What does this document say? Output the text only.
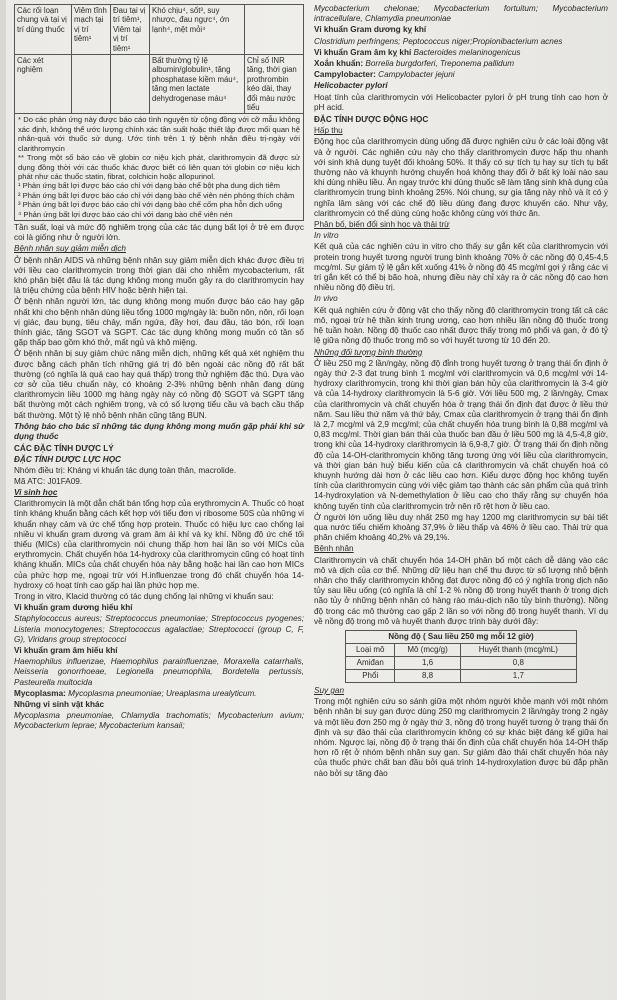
Các rối loạn chung và tại vị trí dùng thuốc	Viêm tĩnh mạch tại vị trí tiêm¹	Đau tại vị trí tiêm¹, Viêm tại vị trí tiêm¹	Khó chịu⁴, sốt³, suy nhược, đau ngực⁴, ớn lạnh⁴, mệt mỏi⁴	
Các xét nghiệm			Bất thường tỷ lệ albumin/globulin¹, tăng phosphatase kiềm máu⁴, tăng men lactate dehydrogenase máu⁴	Chỉ số INR tăng, thời gian prothrombin kéo dài, thay đổi màu nước tiểu

* Do các phản ứng này được báo cáo tình nguyện từ cộng đồng với cỡ mẫu không xác định, không thể ước lượng chính xác tần suất hoặc thiết lập được mối quan hệ nhân-quả với thuốc sử dụng. Ước tính trên 1 tỷ bệnh nhân điều trị-ngày với clarithromycin

** Trong một số báo cáo về globin cơ niệu kịch phát, clarithromycin đã được sử dụng đồng thời với các thuốc khác được biết có liên quan tới globin cơ niệu kịch phát như các thuốc statin, fibrat, colchicin hoặc allopurinol.

¹ Phản ứng bất lợi được báo cáo chỉ với dạng bào chế bột pha dung dịch tiêm

² Phản ứng bất lợi được báo cáo chỉ với dạng bào chế viên nén phóng thích chậm

³ Phản ứng bất lợi được báo cáo chỉ với dạng bào chế cốm pha hỗn dịch uống

⁴ Phản ứng bất lợi được báo cáo chỉ với dạng bào chế viên nén

Tần suất, loại và mức độ nghiêm trọng của các tác dụng bất lợi ở trẻ em được coi là giống như ở người lớn.

Bệnh nhân suy giảm miễn dịch

Ở bệnh nhân AIDS và những bệnh nhân suy giảm miễn dịch khác được điều trị với liều cao clarithromycin trong thời gian dài cho nhiễm mycobacterium, rất khó phân biệt đâu là tác dụng không mong muốn gây ra do clarithromycin hay là triệu chứng của bệnh HIV hoặc bệnh hiện tại.

Ở bệnh nhân người lớn, tác dụng không mong muốn được báo cáo hay gặp nhất khi cho bệnh nhân dùng liều tổng 1000 mg/ngày là: buồn nôn, nôn, rối loạn vị giác, đau bụng, tiêu chảy, mẩn ngứa, đầy hơi, đau đầu, táo bón, rối loạn thính giác, tăng SGOT và SGPT. Các tác dụng không mong muốn có tần số gặp thấp bao gồm khó thở, mất ngủ và khô miệng.

Ở bệnh nhân bị suy giảm chức năng miễn dịch, những kết quả xét nghiệm thu được bằng cách phân tích những giá trị đó bên ngoài các nồng độ rất bất thường (có nghĩa là quá cao hay quá thấp) trong thử nghiệm đặc thù. Dựa vào cơ sở của tiêu chuẩn này, có khoảng 2-3% những bệnh nhân đang dùng clarithromycin liều 1000 mg hàng ngày này có nồng độ SGOT và SGPT tăng bất thường một cách nghiêm trọng, và có số lượng tiểu cầu và bạch cầu thấp bất thường. Một tỷ lệ nhỏ bệnh nhân cũng tăng BUN.

Thông báo cho bác sĩ những tác dụng không mong muốn gặp phải khi sử dụng thuốc

CÁC ĐẶC TÍNH DƯỢC LÝ

ĐẶC TÍNH DƯỢC LỰC HỌC

Nhóm điều trị: Kháng vi khuẩn tác dụng toàn thân, macrolide.

Mã ATC: J01FA09.

Vi sinh học

Clarithromycin là một dẫn chất bán tổng hợp của erythromycin A. Thuốc có hoạt tính kháng khuẩn bằng cách kết hợp với tiểu đơn vị ribosome 50S của những vi khuẩn nhạy cảm và ức chế tổng hợp protein. Thuốc có hiệu lực cao chống lại nhiều vi khuẩn gram dương và gram âm ái khí và kỵ khí. Nồng độ ức chế tối thiểu (MICs) của clarithromycin nói chung thấp hơn hai lần so với MICs của erythromycin. Chất chuyển hóa 14-hydroxy của clarithromycin cũng có hoạt tính kháng khuẩn. MICs của chất chuyển hóa này bằng hoặc hai lần cao hơn MICs của phức hợp mẹ, ngoại trừ với H.influenzae trong đó chất chuyển hóa 14-hydroxy có hoạt tính cao gấp hai lần phức hợp mẹ.

Trong in vitro, Klacid thường có tác dụng chống lại những vi khuẩn sau:

Vi khuẩn gram dương hiếu khí

Staphylococcus aureus; Streptococcus pneumoniae; Streptococcus pyogenes; Listeria monocytogenes; Streptococcus agalactiae; Streptococci (group C, F, G), Viridans group streptococci

Vi khuẩn gram âm hiếu khí

Haemophilus influenzae, Haemophilus parainfluenzae, Moraxella catarrhalis, Neisseria gonorrhoeae, Legionella pneumophila, Bordetella pertussis, Pasteurella multocida

Mycoplasma: Mycoplasma pneumoniae; Ureaplasma urealyticum.

Những vi sinh vật khác

Mycoplasma pneumoniae, Chlamydia trachomatis; Mycobacterium avium; Mycobacterium leprae; Mycobacterium kansaii;

Mycobacterium chelonae; Mycobacterium fortuitum; Mycobacterium intracellulare, Chlamydia pneumoniae

Vi khuẩn Gram dương kỵ khí

Clostridium perfringens; Peptococcus niger;Propionibacterium acnes

Vi khuẩn Gram âm kỵ khí Bacteroides melaninogenicus

Xoắn khuẩn: Borrelia burgdorferi, Treponema pallidum

Campylobacter: Campylobacter jejuni

Helicobacter pylori

Hoạt tính của clarithromycin với Helicobacter pylori ở pH trung tính cao hơn ở pH acid.

ĐẶC TÍNH DƯỢC ĐỘNG HỌC

Hấp thu

Động học của clarithromycin dùng uống đã được nghiên cứu ở các loài động vật và ở người. Các nghiên cứu này cho thấy clarithromycin được hấp thu nhanh với sinh khả dụng tuyệt đối khoảng 50%. It thấy có sự tích tụ hay sự tích tụ bất thường nào và khuynh hướng chuyển hoá không thay đổi ở bất kỳ loài nào sau khi dùng nhiều liều. Ăn ngay trước khi dùng thuốc sẽ làm tăng sinh khả dụng của clarithromycin trung bình khoảng 25%. Nói chung, sự gia tăng này nhỏ và ít có ý nghĩa lâm sàng với các chế độ liều dùng đang được khuyến cáo. Như vậy, clarithromycin có thể dùng cùng hoặc không cùng với thức ăn.

Phân bố, biến đổi sinh học và thải trừ

In vitro

Kết quả của các nghiên cứu in vitro cho thấy sự gắn kết của clarithromycin với protein trong huyết tương người trung bình khoảng 70% ở các nồng độ 0,45-4,5 mcg/ml. Sự giảm tỷ lệ gắn kết xuống 41% ở nồng độ 45 mcg/ml gợi ý rằng các vị trí gắn kết có thể bị bão hoà, nhưng điều này chỉ xảy ra ở các nồng độ cao hơn nhiều nồng độ điều trị.

In vivo

Kết quả nghiên cứu ở động vật cho thấy nồng độ clarithromycin trong tất cả các mô, ngoại trừ hệ thần kinh trung ương, cao hơn nhiều lần nồng độ thuốc trong hệ tuần hoàn. Nồng độ thuốc cao nhất được thấy trong mô phổi và gan, ở đó tỷ lệ giữa nồng độ thuốc trong mô so với huyết tương từ 10 đến 20.

Những đối tượng bình thường

Ở liều 250 mg 2 lần/ngày, nồng độ đỉnh trong huyết tương ở trạng thái ổn định ở ngày thứ 2-3 đạt trung bình 1 mcg/ml với clarithromycin và 0,6 mcg/ml với 14-hydroxy clarithromycin, trong khi thời gian bán hủy của clarithromycin là 3-4 giờ và của 14-hydroxy clarithromycin là 5-6 giờ. Với liều 500 mg, 2 lần/ngày, Cmax của clarithromycin và chất chuyển hóa ở trạng thái ổn định đạt được ở liều thứ năm. Sau liều thứ năm và thứ bảy, Cmax của clarithromycin ở trạng thái ổn định là 2,7 mcg/ml và 2,9 mcg/ml; của chất chuyển hóa trung bình là 0,88 mcg/ml và 0,83 mcg/ml. Thời gian bán thải của thuốc ban đầu ở liều 500 mg là 4,5-4,8 giờ, trong khi của 14-hydroxy clarithromycin là 6,9-8,7 giờ. Ở trạng thái ổn định nồng độ của 14-OH-clarithromycin không tăng tương ứng với liều của clarithromycin, và thời gian bán huỷ biểu kiến của cả clarithromycin và chất chuyển hoá có khuynh hướng dài hơn ở các liều cao hơn. Kiểu dược động học không tuyến tính của clarithromycin cùng với việc giảm tạo thành các sản phẩm của quá trình 14-hydroxylation và N-demethylation ở liều cao cho thấy rằng sự chuyển hóa không tuyến tính của clarithromycin trở nên rõ rệt hơn ở liều cao.

Ở người lớn uống liều duy nhất 250 mg hay 1200 mg clarithromycin sự bài tiết qua nước tiểu chiếm khoảng 37,9% ở liều thấp và 46% ở liều cao. Thải trừ qua phân chiếm khoảng 40,2% và 29,1%.

Bệnh nhân

Clarithromycin và chất chuyển hóa 14-OH phân bố một cách dễ dàng vào các mô và dịch của cơ thể. Những dữ liệu hạn chế thu được từ số lượng nhỏ bệnh nhân cho thấy clarithromycin không đạt được nồng độ có ý nghĩa trong dịch não tủy sau liều uống (có nghĩa là chỉ 1-2 % nồng độ trong huyết thanh ở trong dịch não tủy ở những bệnh nhân có hàng rào máu-dịch não tủy bình thường). Nồng độ trong các mô thường cao gấp 2 lần so với nồng độ trong huyết thanh. Ví dụ về nồng độ trong mô và huyết thanh được trình bày dưới đây:

Nồng độ ( Sau liều 250 mg mỗi 12 giờ)		
Loại mô	Mô (mcg/g)	Huyết thanh (mcg/mL)
Amiđan	1,6	0,8
Phổi	8,8	1,7

Suy gan

Trong một nghiên cứu so sánh giữa một nhóm người khỏe mạnh với một nhóm bệnh nhân bị suy gan được dùng 250 mg clarithromycin 2 lần/ngày trong 2 ngày và một liều đơn 250 mg ở ngày thứ 3, nồng độ trong huyết tương ở trạng thái ổn định và sự đào thải của clarithromycin không có sự khác biệt đáng kể giữa hai nhóm. Ngược lại, nồng độ ở trạng thái ổn định của chất chuyển hóa 14-OH thấp hơn rõ rệt ở nhóm bệnh nhân suy gan. Sự giảm đào thải chất chuyển hóa này của thuốc phức chất ban đầu bởi quá trình 14-hydroxylation được bù đắp phần nào bởi sự tăng đào
